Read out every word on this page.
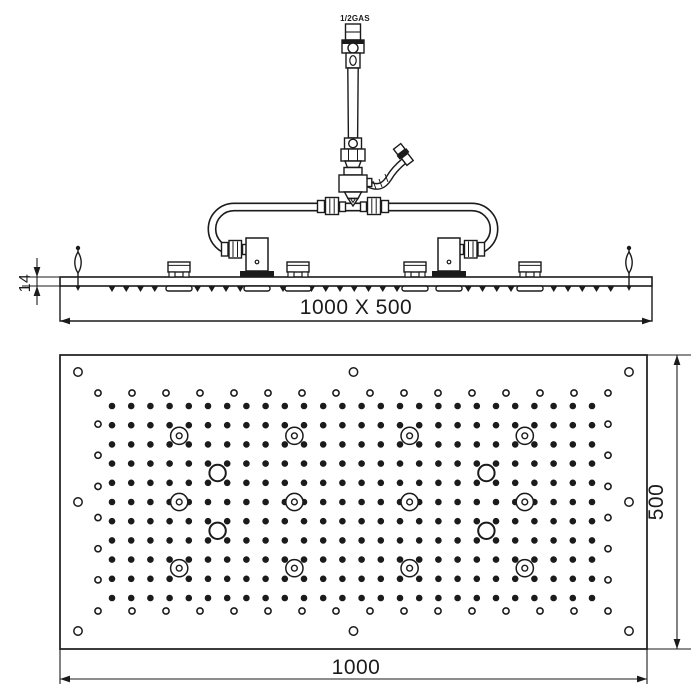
1/2GAS
1000 X 500
14
1000
500
